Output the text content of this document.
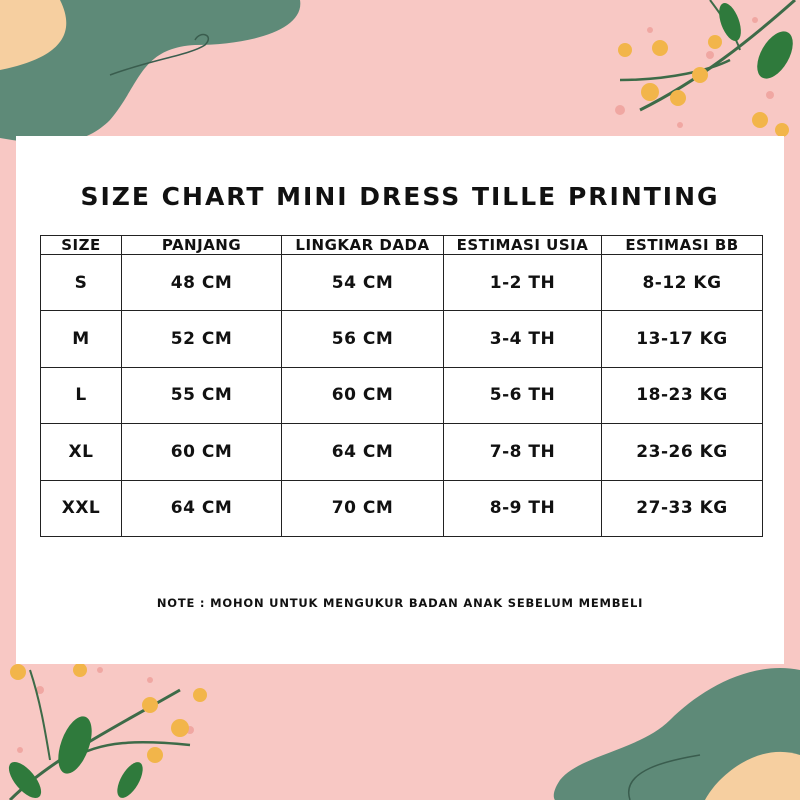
SIZE CHART MINI DRESS TILLE PRINTING
SIZE	PANJANG	LINGKAR DADA	ESTIMASI USIA	ESTIMASI BB
S	48 CM	54 CM	1-2 TH	8-12 KG
M	52 CM	56 CM	3-4 TH	13-17 KG
L	55 CM	60 CM	5-6 TH	18-23 KG
XL	60 CM	64 CM	7-8 TH	23-26 KG
XXL	64 CM	70 CM	8-9 TH	27-33 KG
NOTE : MOHON UNTUK MENGUKUR BADAN ANAK SEBELUM MEMBELI
